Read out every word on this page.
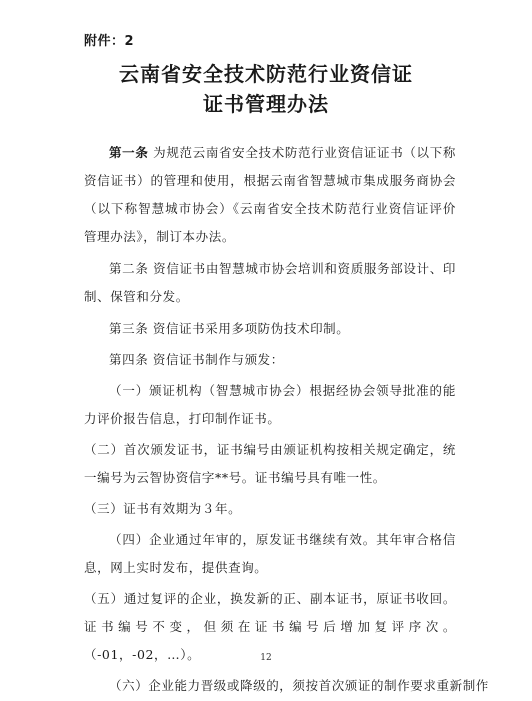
附件：2
云南省安全技术防范行业资信证
证书管理办法

第一条 为规范云南省安全技术防范行业资信证证书（以下称资信证书）的管理和使用，根据云南省智慧城市集成服务商协会（以下称智慧城市协会）《云南省安全技术防范行业资信证评价管理办法》，制订本办法。

第二条 资信证书由智慧城市协会培训和资质服务部设计、印制、保管和分发。

第三条 资信证书采用多项防伪技术印制。

第四条 资信证书制作与颁发：

（一）颁证机构（智慧城市协会）根据经协会领导批准的能力评价报告信息，打印制作证书。

（二）首次颁发证书，证书编号由颁证机构按相关规定确定，统一编号为云智协资信字**号。证书编号具有唯一性。

（三）证书有效期为３年。

（四）企业通过年审的，原发证书继续有效。其年审合格信息，网上实时发布，提供查询。

（五）通过复评的企业，换发新的正、副本证书，原证书收回。证书编号不变，但须在证书编号后增加复评序次。（-01，-02，…）。

（六）企业能力晋级或降级的，须按首次颁证的制作要求重新制作

12
